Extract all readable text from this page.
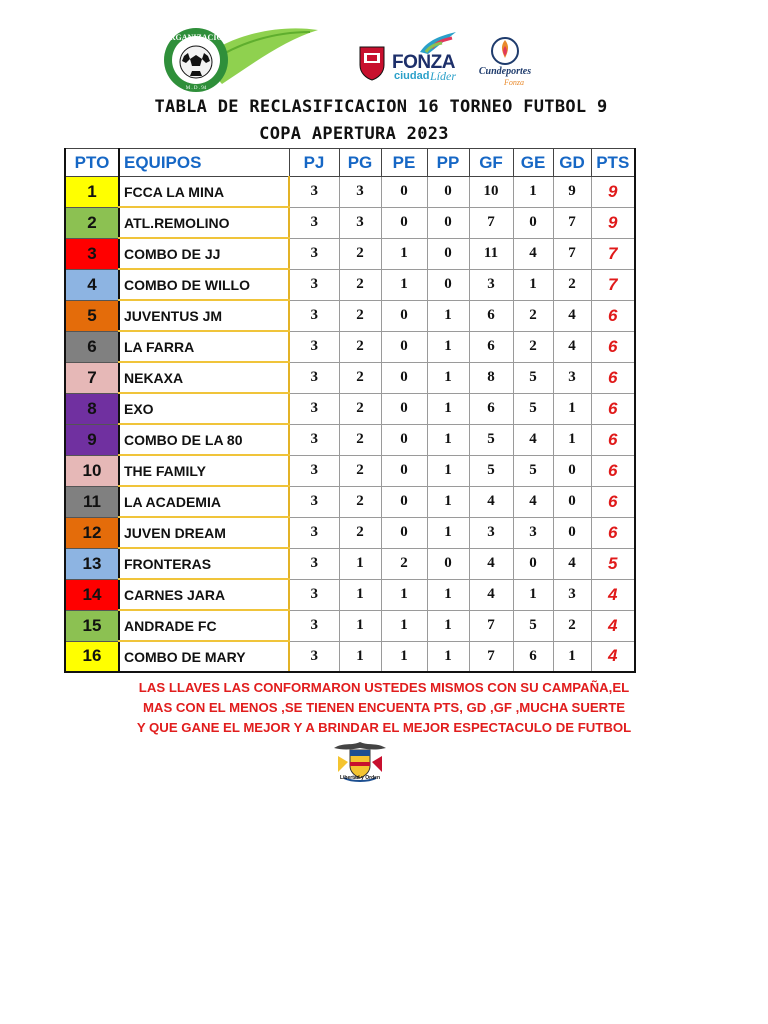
ORGANIZACION
M . D . 94
FONZA
ciudad Líder	Cundeportes
Fonza
TABLA DE RECLASIFICACION 16 TORNEO FUTBOL 9
COPA APERTURA 2023
PTO	EQUIPOS	PJ	PG	PE	PP	GF	GE	GD	PTS
1	FCCA LA MINA	3	3	0	0	10	1	9	9
2	ATL.REMOLINO	3	3	0	0	7	0	7	9
3	COMBO DE JJ	3	2	1	0	11	4	7	7
4	COMBO DE WILLO	3	2	1	0	3	1	2	7
5	JUVENTUS JM	3	2	0	1	6	2	4	6
6	LA FARRA	3	2	0	1	6	2	4	6
7	NEKAXA	3	2	0	1	8	5	3	6
8	EXO	3	2	0	1	6	5	1	6
9	COMBO DE LA 80	3	2	0	1	5	4	1	6
10	THE FAMILY	3	2	0	1	5	5	0	6
11	LA ACADEMIA	3	2	0	1	4	4	0	6
12	JUVEN DREAM	3	2	0	1	3	3	0	6
13	FRONTERAS	3	1	2	0	4	0	4	5
14	CARNES JARA	3	1	1	1	4	1	3	4
15	ANDRADE FC	3	1	1	1	7	5	2	4
16	COMBO DE MARY	3	1	1	1	7	6	1	4
LAS LLAVES LAS CONFORMARON USTEDES MISMOS CON SU CAMPAÑA,EL
MAS CON EL MENOS ,SE TIENEN ENCUENTA PTS, GD ,GF ,MUCHA SUERTE
Y QUE GANE EL MEJOR Y A BRINDAR EL MEJOR ESPECTACULO DE FUTBOL
Libertad y Orden
